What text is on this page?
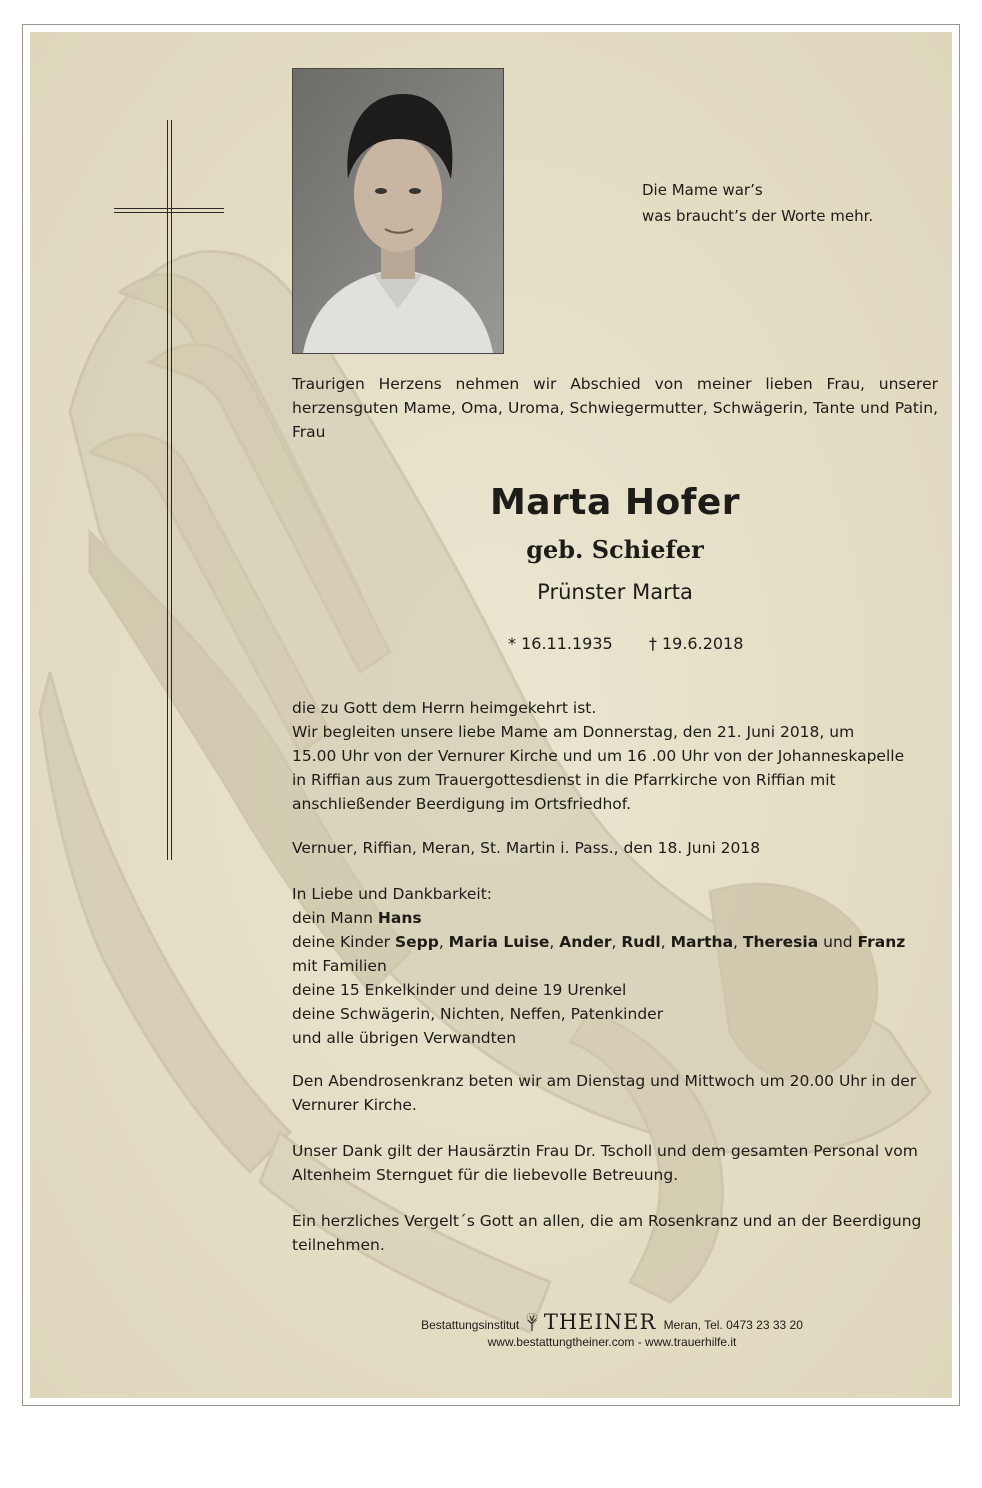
Die Mame war’s
was braucht’s der Worte mehr.
Traurigen Herzens nehmen wir Abschied von meiner lieben Frau, unserer herzensguten Mame, Oma, Uroma, Schwiegermutter, Schwägerin, Tante und Patin, Frau
Marta Hofer
geb. Schiefer
Prünster Marta
* 16.11.1935 † 19.6.2018
die zu Gott dem Herrn heimgekehrt ist.
Wir begleiten unsere liebe Mame am Donnerstag, den 21. Juni 2018, um
15.00 Uhr von der Vernurer Kirche und um 16 .00 Uhr von der Johanneskapelle
in Riffian aus zum Trauergottesdienst in die Pfarrkirche von Riffian mit
anschließender Beerdigung im Ortsfriedhof.
Vernuer, Riffian, Meran, St. Martin i. Pass., den 18. Juni 2018
In Liebe und Dankbarkeit:
dein Mann Hans
deine Kinder Sepp, Maria Luise, Ander, Rudl, Martha, Theresia und Franz
mit Familien
deine 15 Enkelkinder und deine 19 Urenkel
deine Schwägerin, Nichten, Neffen, Patenkinder
und alle übrigen Verwandten
Den Abendrosenkranz beten wir am Dienstag und Mittwoch um 20.00 Uhr in der
Vernurer Kirche.
Unser Dank gilt der Hausärztin Frau Dr. Tscholl und dem gesamten Personal vom
Altenheim Sternguet für die liebevolle Betreuung.
Ein herzliches Vergelt´s Gott an allen, die am Rosenkranz und an der Beerdigung
teilnehmen.
Bestattungsinstitut THEINER Meran, Tel. 0473 23 33 20
www.bestattungtheiner.com - www.trauerhilfe.it
